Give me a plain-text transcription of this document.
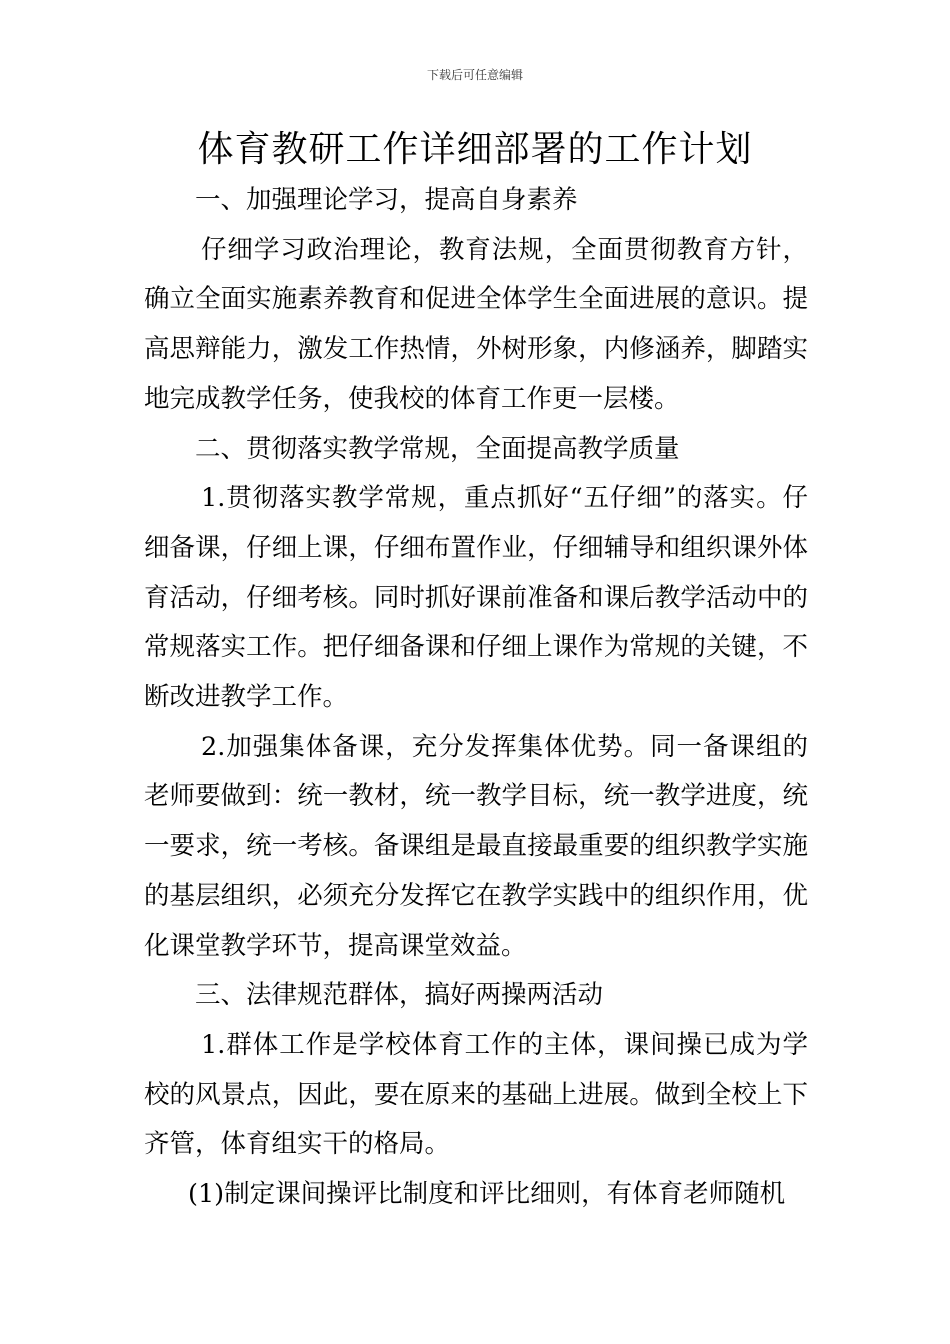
下载后可任意编辑
体育教研工作详细部署的工作计划

一、加强理论学习，提高自身素养

仔细学习政治理论，教育法规，全面贯彻教育方针，确立全面实施素养教育和促进全体学生全面进展的意识。提高思辩能力，激发工作热情，外树形象，内修涵养，脚踏实地完成教学任务，使我校的体育工作更一层楼。

二、贯彻落实教学常规，全面提高教学质量

1.贯彻落实教学常规，重点抓好“五仔细”的落实。仔细备课，仔细上课，仔细布置作业，仔细辅导和组织课外体育活动，仔细考核。同时抓好课前准备和课后教学活动中的常规落实工作。把仔细备课和仔细上课作为常规的关键，不断改进教学工作。

2.加强集体备课，充分发挥集体优势。同一备课组的老师要做到：统一教材，统一教学目标，统一教学进度，统一要求，统一考核。备课组是最直接最重要的组织教学实施的基层组织，必须充分发挥它在教学实践中的组织作用，优化课堂教学环节，提高课堂效益。

三、法律规范群体，搞好两操两活动

1.群体工作是学校体育工作的主体，课间操已成为学校的风景点，因此，要在原来的基础上进展。做到全校上下齐管，体育组实干的格局。

(1)制定课间操评比制度和评比细则，有体育老师随机
